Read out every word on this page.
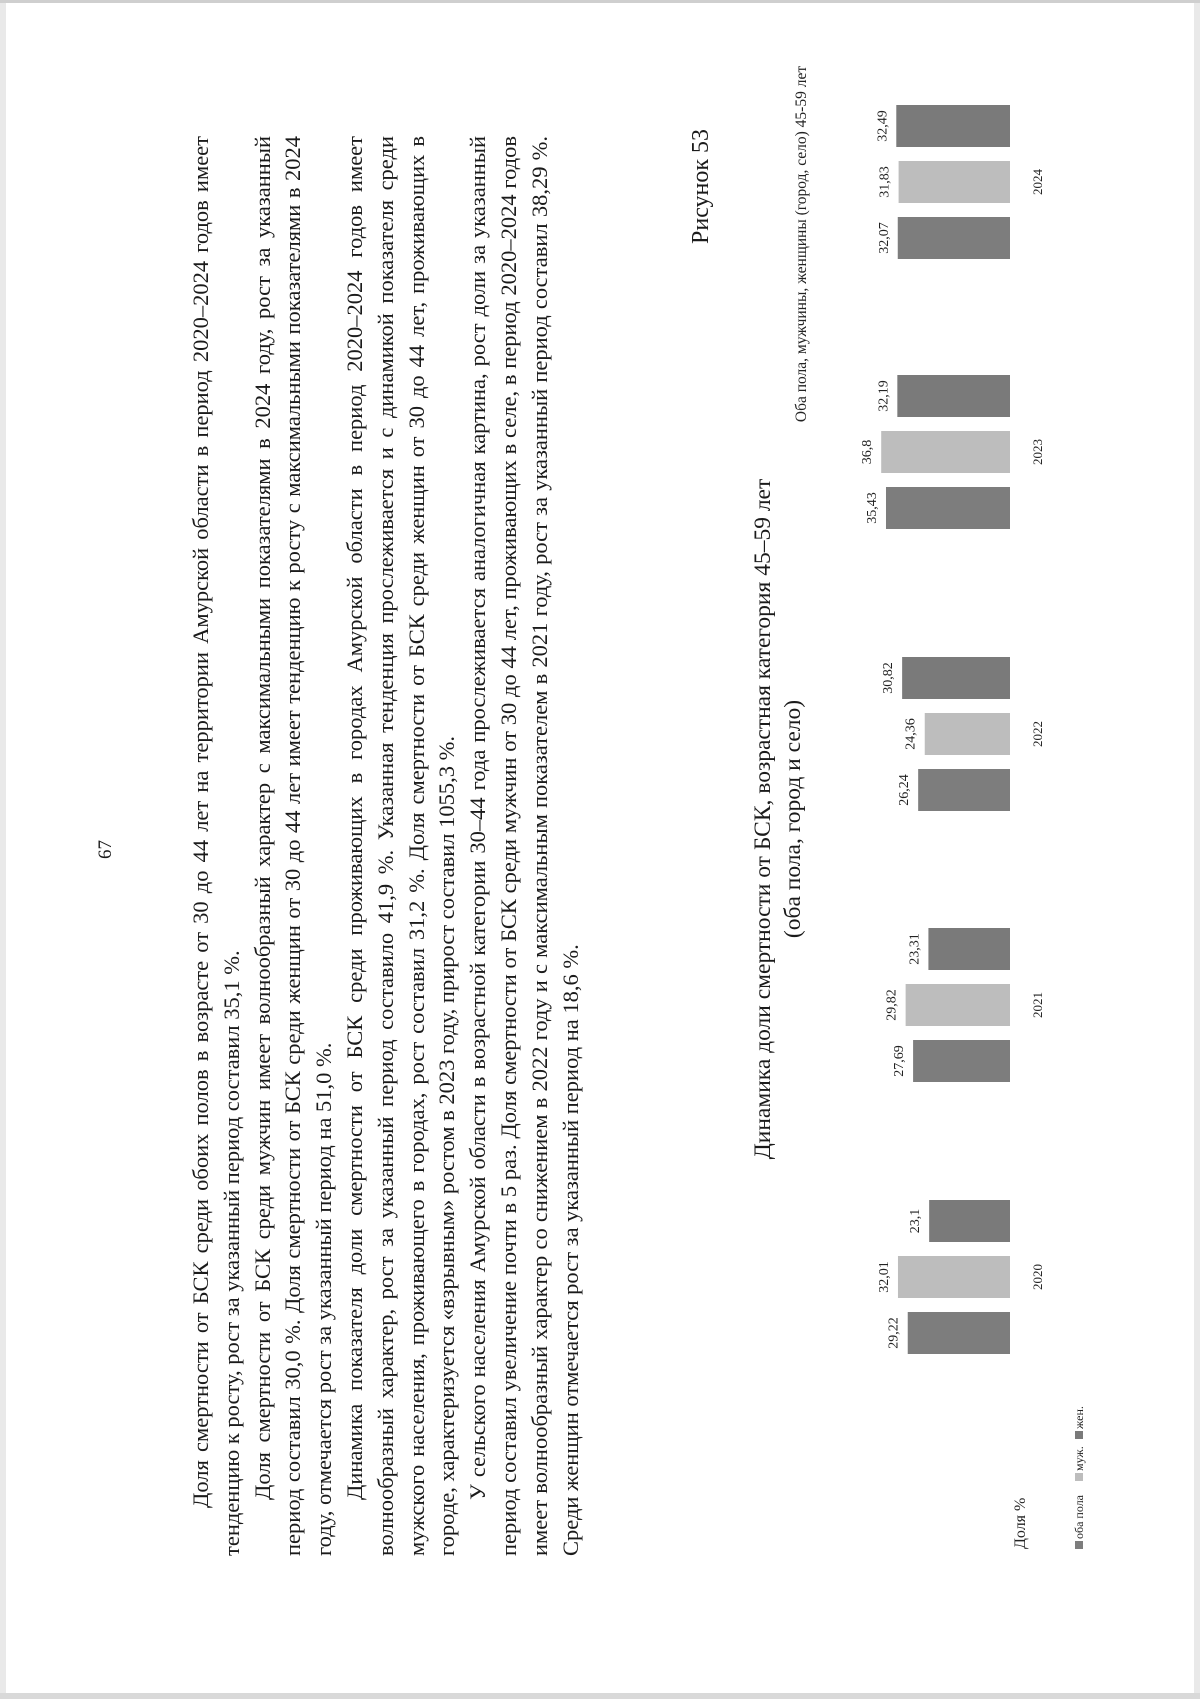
67	Доля смертности от БСК среди обоих полов в возрасте от 30 до 44 лет на территории Амурской области в период 2020–2024 годов имеет тенденцию к росту, рост за указанный период составил 35,1 %. Доля смертности от БСК среди мужчин имеет волнообразный характер с максимальными показателями в 2024 году, рост за указанный период составил 30,0 %. Доля смертности от БСК среди женщин от 30 до 44 лет имеет тенденцию к росту с максимальными показателями в 2024 году, отмечается рост за указанный период на 51,0 %. Динамика показателя доли смертности от БСК среди проживающих в городах Амурской области в период 2020–2024 годов имеет волнообразный характер, рост за указанный период составило 41,9 %. Указанная тенденция прослеживается и с динамикой показателя среди мужского населения, проживающего в городах, рост составил 31,2 %. Доля смертности от БСК среди женщин от 30 до 44 лет, проживающих в городе, характеризуется «взрывным» ростом в 2023 году, прирост составил 1055,3 %. У сельского населения Амурской области в возрастной категории 30–44 года прослеживается аналогичная картина, рост доли за указанный период составил увеличение почти в 5 раз. Доля смертности от БСК среди мужчин от 30 до 44 лет, проживающих в селе, в период 2020–2024 годов имеет волнообразный характер со снижением в 2022 году и с максимальным показателем в 2021 году, рост за указанный период составил 38,29 %. Среди женщин отмечается рост за указанный период на 18,6 %.

Рисунок 53
Динамика доли смертности от БСК, возрастная категория 45–59 лет (оба пола, город и село)
Оба пола, мужчины, женщины (город, село) 45-59 лет
Доля %	оба пола
муж.
жен.
29,22
32,01
23,1
2020
27,69
29,82
23,31
2021
26,24
24,36
30,82
2022
35,43
36,8
32,19
2023
32,07
31,83
32,49
2024
